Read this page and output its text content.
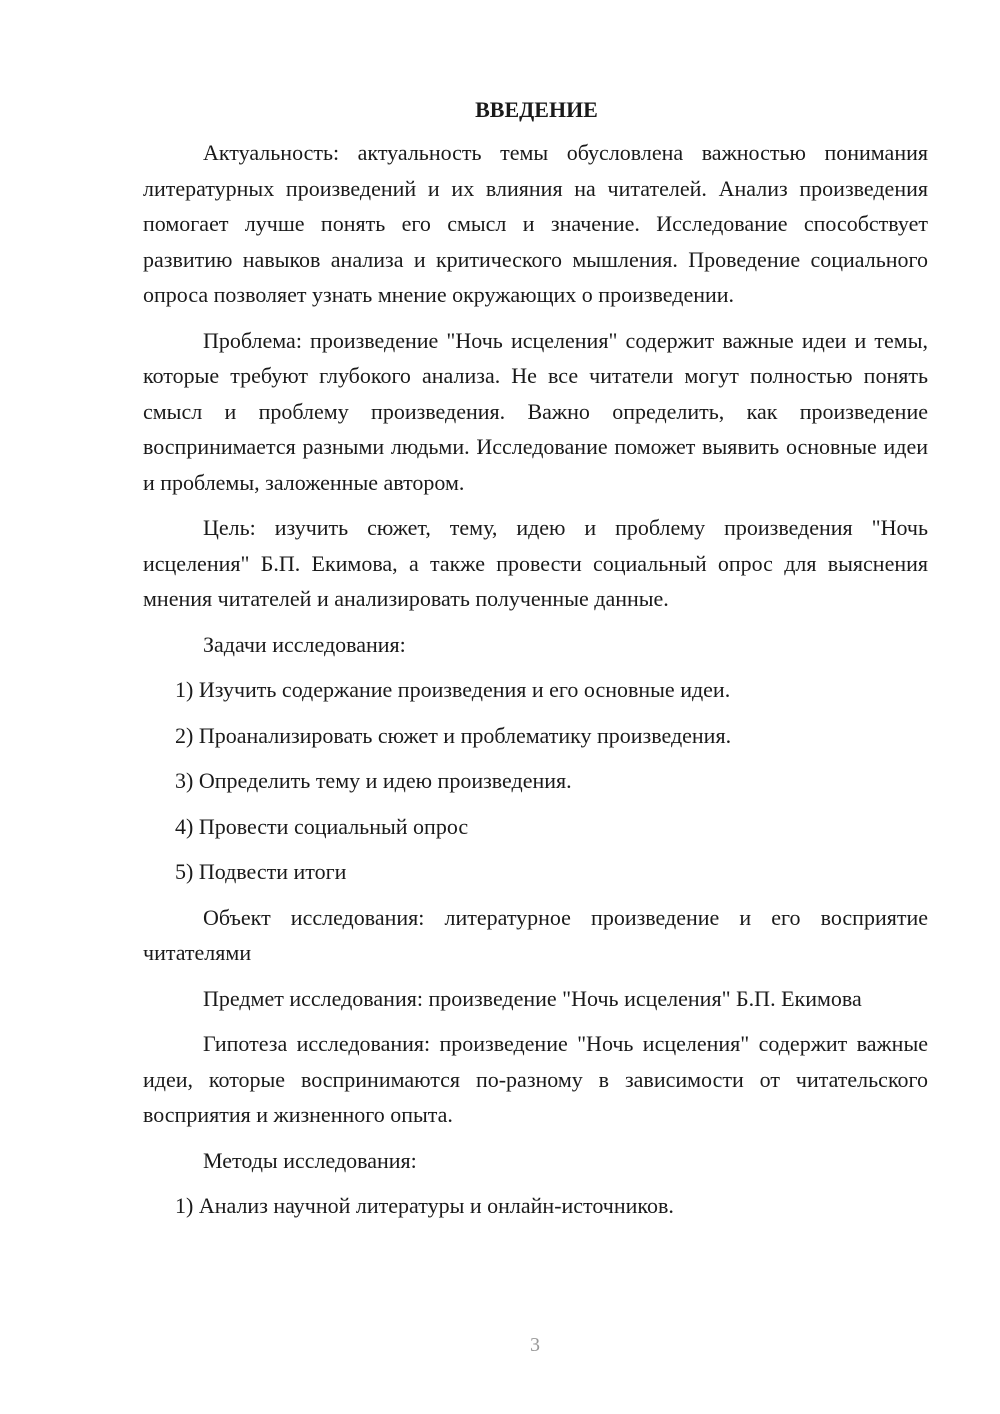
ВВЕДЕНИЕ

Актуальность: актуальность темы обусловлена важностью понимания литературных произведений и их влияния на читателей. Анализ произведения помогает лучше понять его смысл и значение. Исследование способствует развитию навыков анализа и критического мышления. Проведение социального опроса позволяет узнать мнение окружающих о произведении.

Проблема: произведение "Ночь исцеления" содержит важные идеи и темы, которые требуют глубокого анализа. Не все читатели могут полностью понять смысл и проблему произведения. Важно определить, как произведение воспринимается разными людьми. Исследование поможет выявить основные идеи и проблемы, заложенные автором.

Цель: изучить сюжет, тему, идею и проблему произведения "Ночь исцеления" Б.П. Екимова, а также провести социальный опрос для выяснения мнения читателей и анализировать полученные данные.

Задачи исследования:
1) Изучить содержание произведения и его основные идеи.
2) Проанализировать сюжет и проблематику произведения.
3) Определить тему и идею произведения.
4) Провести социальный опрос
5) Подвести итоги

Объект исследования: литературное произведение и его восприятие читателями

Предмет исследования: произведение "Ночь исцеления" Б.П. Екимова

Гипотеза исследования: произведение "Ночь исцеления" содержит важные идеи, которые воспринимаются по-разному в зависимости от читательского восприятия и жизненного опыта.

Методы исследования:
1) Анализ научной литературы и онлайн-источников.
3
